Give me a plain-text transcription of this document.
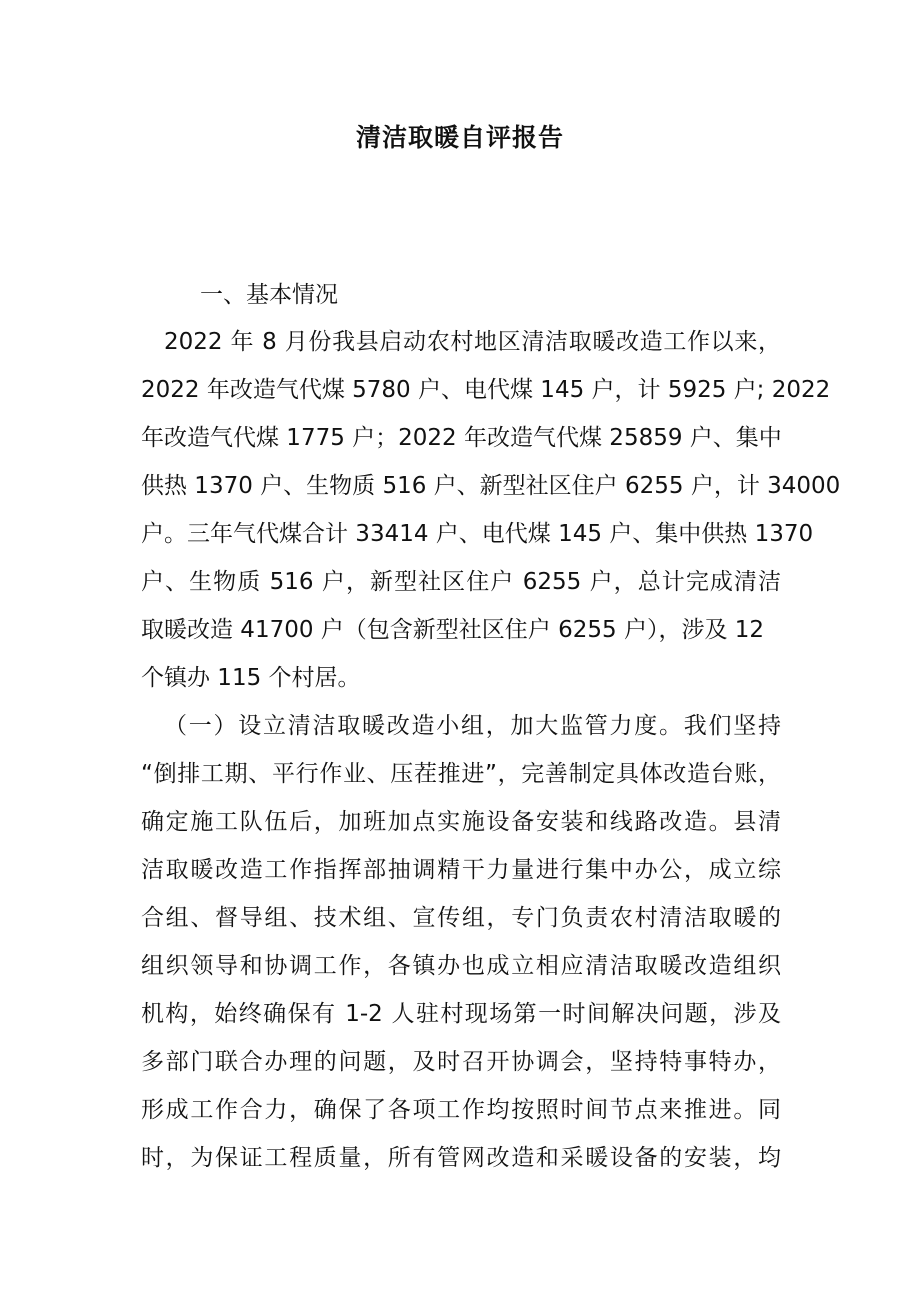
清洁取暖自评报告
一、基本情况
2022 年 8 月份我县启动农村地区清洁取暖改造工作以来，
2022 年改造气代煤 5780 户、电代煤 145 户，计 5925 户; 2022
年改造气代煤 1775 户；2022 年改造气代煤 25859 户、集中
供热 1370 户、生物质 516 户、新型社区住户 6255 户，计 34000
户。三年气代煤合计 33414 户、电代煤 145 户、集中供热 1370
户、生物质 516 户，新型社区住户 6255 户，总计完成清洁
取暖改造 41700 户（包含新型社区住户 6255 户），涉及 12
个镇办 115 个村居。
（一）设立清洁取暖改造小组，加大监管力度。我们坚持
“倒排工期、平行作业、压茬推进”，完善制定具体改造台账，
确定施工队伍后，加班加点实施设备安装和线路改造。县清
洁取暖改造工作指挥部抽调精干力量进行集中办公，成立综
合组、督导组、技术组、宣传组，专门负责农村清洁取暖的
组织领导和协调工作，各镇办也成立相应清洁取暖改造组织
机构，始终确保有 1-2 人驻村现场第一时间解决问题，涉及
多部门联合办理的问题，及时召开协调会，坚持特事特办，
形成工作合力，确保了各项工作均按照时间节点来推进。同
时，为保证工程质量，所有管网改造和采暖设备的安装，均
